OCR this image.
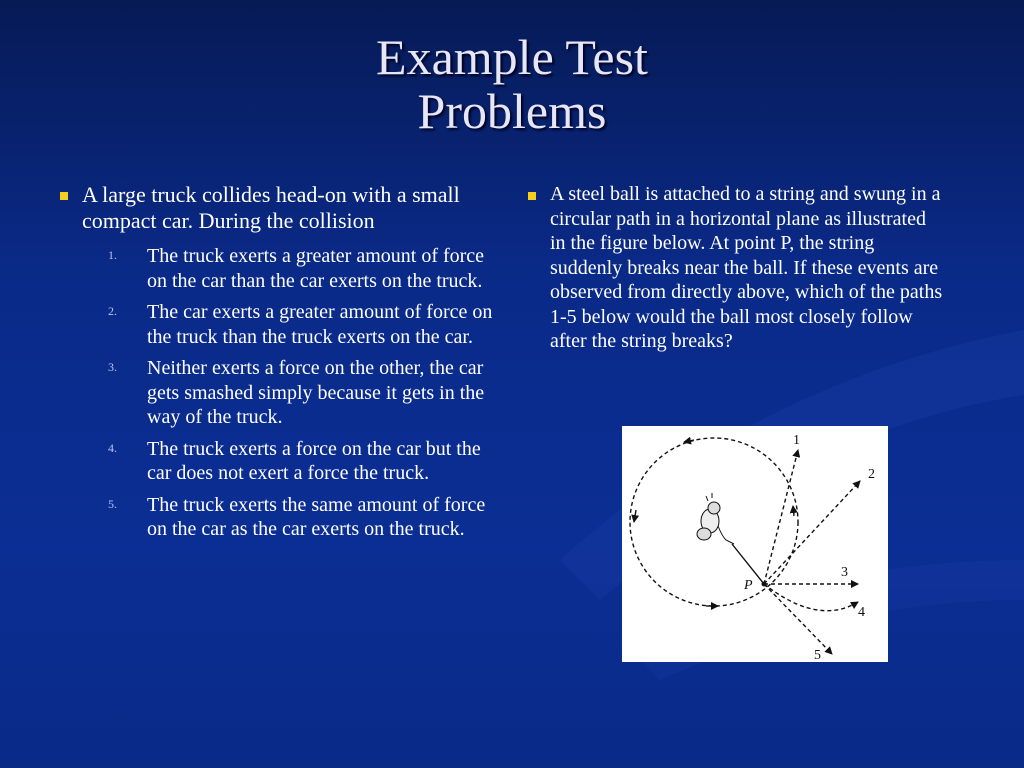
Example Test
Problems
A large truck collides head-on with a small compact car. During the collision
1.	The truck exerts a greater amount of force on the car than the car exerts on the truck.
2.	The car exerts a greater amount of force on the truck than the truck exerts on the car.
3.	Neither exerts a force on the other, the car gets smashed simply because it gets in the way of the truck.
4.	The truck exerts a force on the car but the car does not exert a force the truck.
5.	The truck exerts the same amount of force on the car as the car exerts on the truck.
A steel ball is attached to a string and swung in a circular path in a horizontal plane as illustrated in the figure below. At point P, the string suddenly breaks near the ball. If these events are observed from directly above, which of the paths 1-5 below would the ball most closely follow after the string breaks?
P
1
2
3
4
5
